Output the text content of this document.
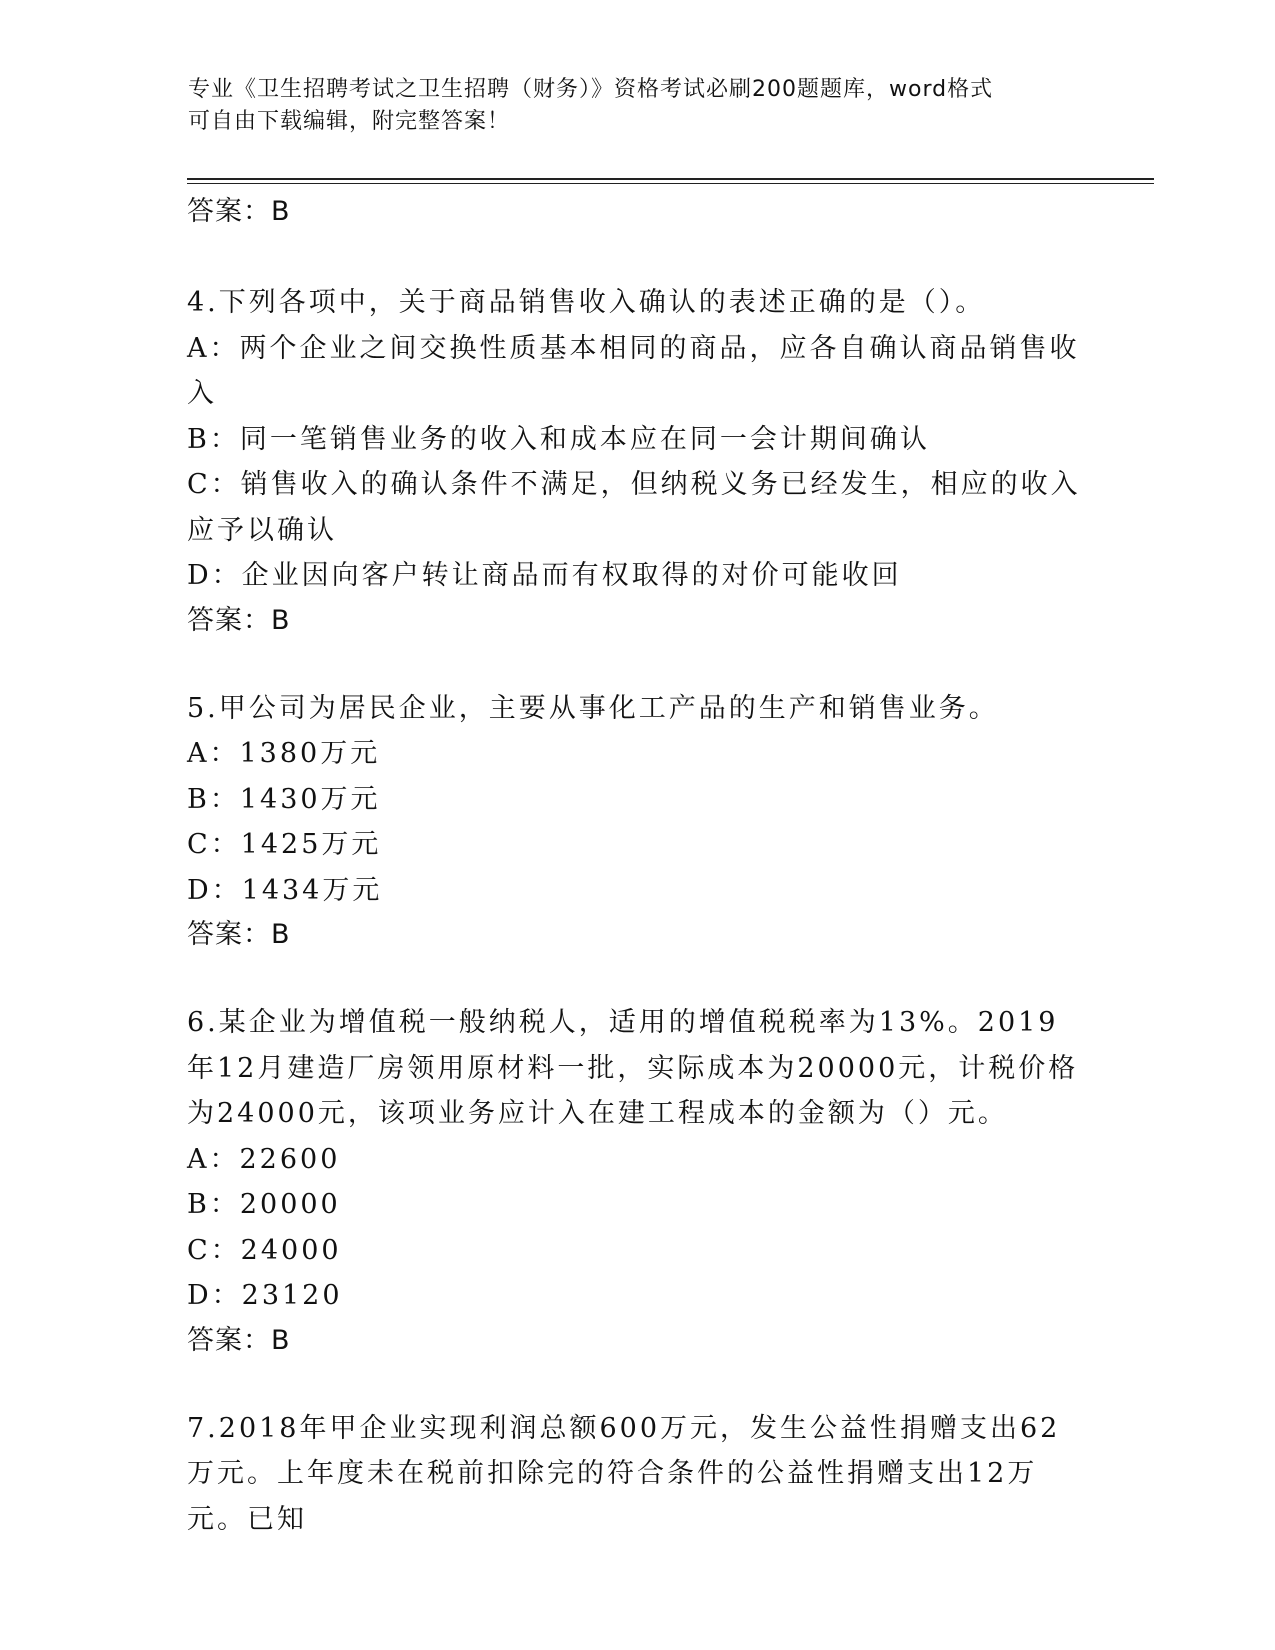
专业《卫生招聘考试之卫生招聘（财务）》资格考试必刷200题题库，word格式
可自由下载编辑，附完整答案！
答案：B

4.下列各项中，关于商品销售收入确认的表述正确的是（）。

A：两个企业之间交换性质基本相同的商品，应各自确认商品销售收入

B：同一笔销售业务的收入和成本应在同一会计期间确认

C：销售收入的确认条件不满足，但纳税义务已经发生，相应的收入应予以确认

D：企业因向客户转让商品而有权取得的对价可能收回

答案：B

5.甲公司为居民企业，主要从事化工产品的生产和销售业务。

A：1380万元

B：1430万元

C：1425万元

D：1434万元

答案：B

6.某企业为增值税一般纳税人，适用的增值税税率为13%。2019年12月建造厂房领用原材料一批，实际成本为20000元，计税价格为24000元，该项业务应计入在建工程成本的金额为（）元。

A：22600

B：20000

C：24000

D：23120

答案：B

7.2018年甲企业实现利润总额600万元，发生公益性捐赠支出62万元。上年度未在税前扣除完的符合条件的公益性捐赠支出12万元。已知
